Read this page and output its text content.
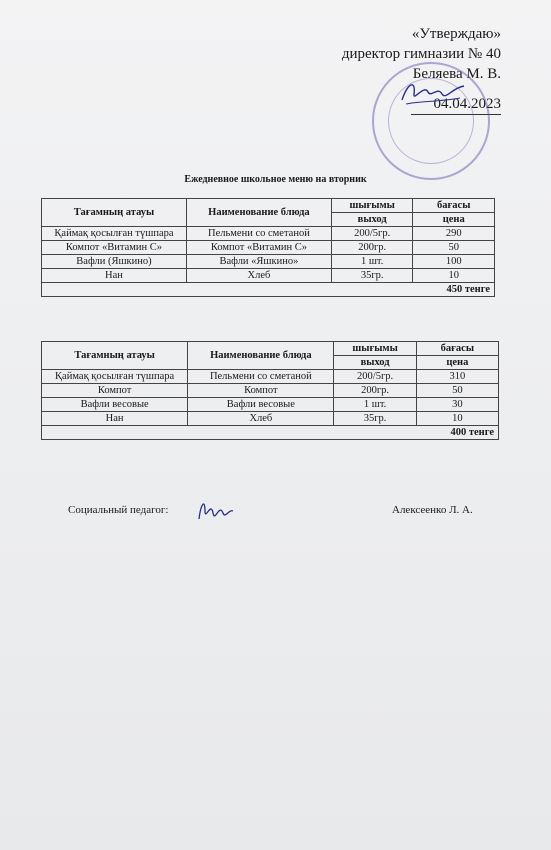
«Утверждаю»
директор гимназии № 40
Беляева М. В.
04.04.2023
Ежедневное школьное меню на вторник
Тағамның атауы	Наименование блюда	шығымы	бағасы
		выход	цена
Қаймақ қосылған түшпара	Пельмени со сметаной	200/5гр.	290
Компот «Витамин С»	Компот «Витамин С»	200гр.	50
Вафли (Яшкино)	Вафли «Яшкино»	1 шт.	100
Нан	Хлеб	35гр.	10
450 тенге			
Тағамның атауы	Наименование блюда	шығымы	бағасы
		выход	цена
Қаймақ қосылған түшпара	Пельмени со сметаной	200/5гр.	310
Компот	Компот	200гр.	50
Вафли весовые	Вафли весовые	1 шт.	30
Нан	Хлеб	35гр.	10
400 тенге			
Социальный педагог:	Алексеенко Л. А.
